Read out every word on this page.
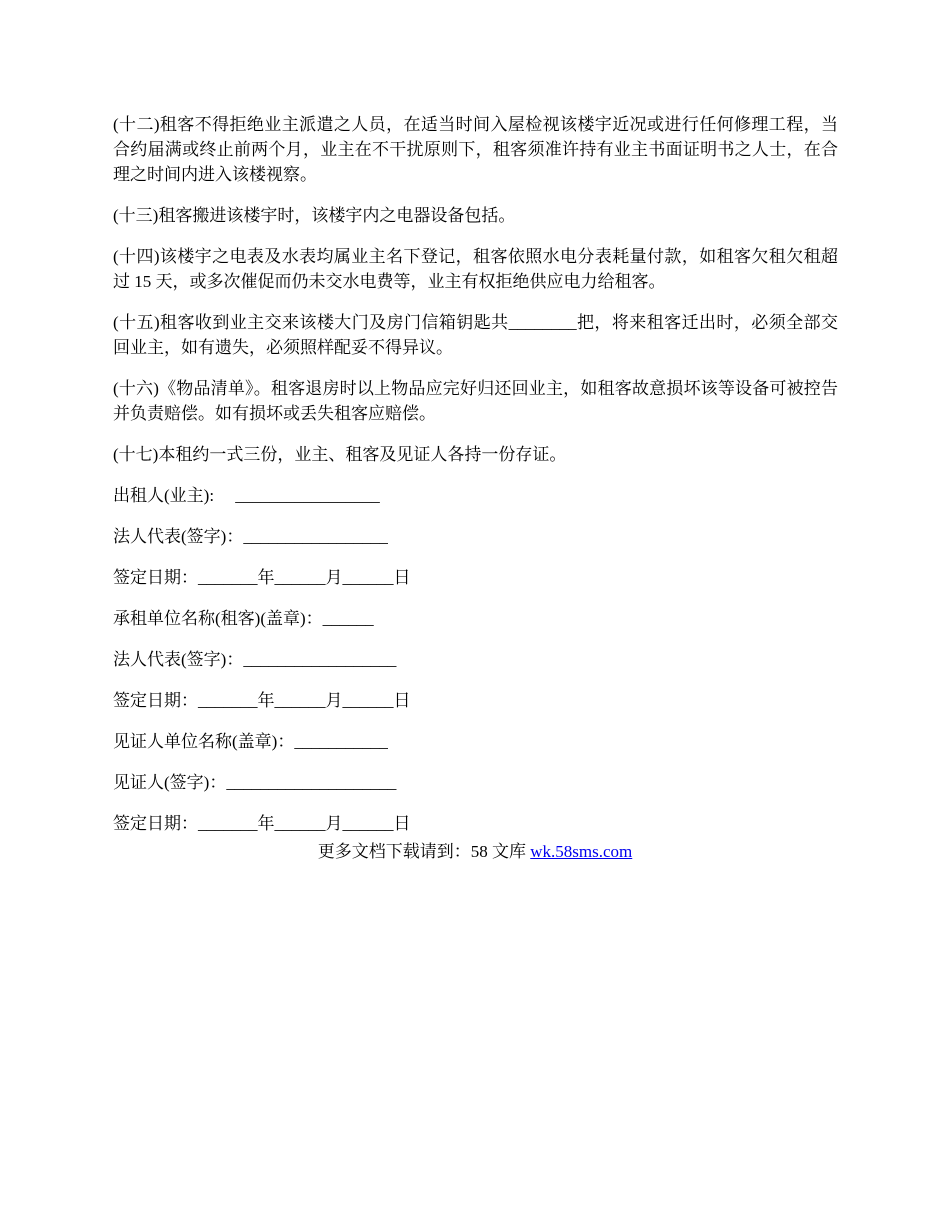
(十二)租客不得拒绝业主派遣之人员，在适当时间入屋检视该楼宇近况或进行任何修理工程，当合约届满或终止前两个月，业主在不干扰原则下，租客须准许持有业主书面证明书之人士，在合理之时间内进入该楼视察。

(十三)租客搬进该楼宇时，该楼宇内之电器设备包括。

(十四)该楼宇之电表及水表均属业主名下登记，租客依照水电分表耗量付款，如租客欠租欠租超过 15 天，或多次催促而仍未交水电费等，业主有权拒绝供应电力给租客。

(十五)租客收到业主交来该楼大门及房门信箱钥匙共________把，将来租客迁出时，必须全部交回业主，如有遗失，必须照样配妥不得异议。

(十六)《物品清单》。租客退房时以上物品应完好归还回业主，如租客故意损坏该等设备可被控告并负责赔偿。如有损坏或丢失租客应赔偿。

(十七)本租约一式三份，业主、租客及见证人各持一份存证。

出租人(业主):     _________________

法人代表(签字)：_________________

签定日期：_______年______月______日

承租单位名称(租客)(盖章)：______

法人代表(签字)：__________________

签定日期：_______年______月______日

见证人单位名称(盖章)：___________

见证人(签字)：____________________

签定日期：_______年______月______日

更多文档下载请到：58 文库 wk.58sms.com
